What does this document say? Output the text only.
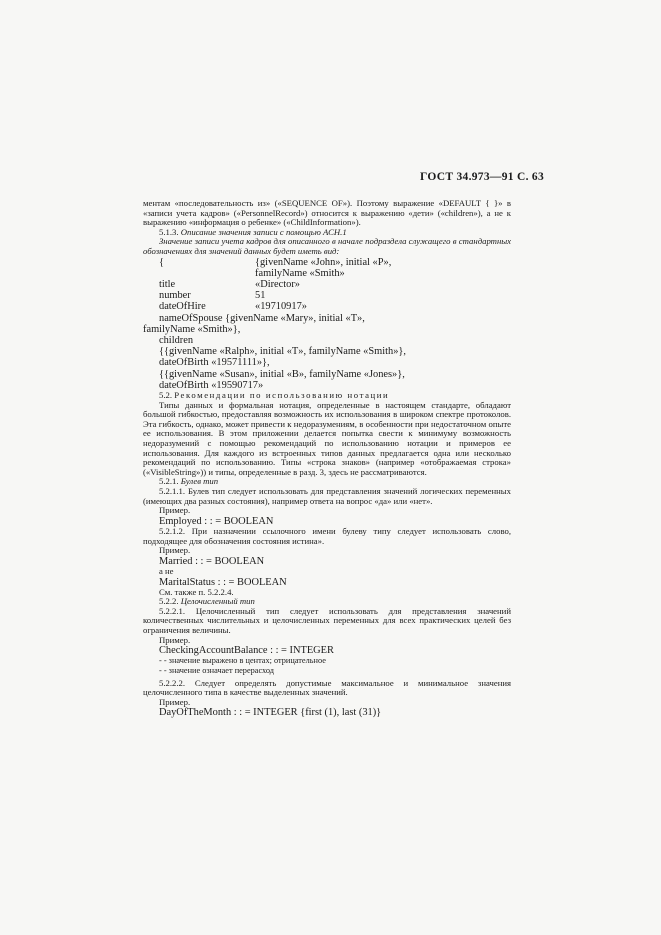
ГОСТ 34.973—91 С. 63
ментам «последовательность из» («SEQUENCE OF»). Поэтому выражение «DEFAULT { }» в «записи учета кадров» («PersonnelRecord») относится к выражению «дети» («children»), а не к выражению «информация о ребенке» («ChildInformation»).
5.1.3. Описание значения записи с помощью АСН.1
Значение записи учета кадров для описанного в начале подраздела служащего в стандартных обозначениях для значений данных будет иметь вид:
{	{givenName «John», initial «P»,
familyName «Smith»
title	«Director»
number	51
dateOfHire	«19710917»
nameOfSpouse {givenName «Mary», initial «T»,
familyName «Smith»},
children
{{givenName «Ralph», initial «T», familyName «Smith»},
dateOfBirth «19571111»},
{{givenName «Susan», initial «B», familyName «Jones»},
dateOfBirth «19590717»
5.2. Рекомендации по использованию нотации
Типы данных и формальная нотация, определенные в настоящем стандарте, обладают большой гибкостью, предоставляя возможность их использования в широком спектре протоколов. Эта гибкость, однако, может привести к недоразумениям, в особенности при недостаточном опыте ее использования. В этом приложении делается попытка свести к минимуму возможность недоразумений с помощью рекомендаций по использованию нотации и примеров ее использования. Для каждого из встроенных типов данных предлагается одна или несколько рекомендаций по использованию. Типы «строка знаков» (например «отображаемая строка» («VisibleString»)) и типы, определенные в разд. 3, здесь не рассматриваются.
5.2.1. Булев тип
5.2.1.1. Булев тип следует использовать для представления значений логических переменных (имеющих два разных состояния), например ответа на вопрос «да» или «нет».
Пример.
Employed : : = BOOLEAN
5.2.1.2. При назначении ссылочного имени булеву типу следует использовать слово, подходящее для обозначения состояния истина».
Пример.
Married : : = BOOLEAN
а не
MaritalStatus : : = BOOLEAN
См. также п. 5.2.2.4.
5.2.2. Целочисленный тип
5.2.2.1. Целочисленный тип следует использовать для представления значений количественных числительных и целочисленных переменных для всех практических целей без ограничения величины.
Пример.
CheckingAccountBalance : : = INTEGER
- - значение выражено в центах; отрицательное
- - значение означает перерасход
5.2.2.2. Следует определять допустимые максимальное и минимальное значения целочисленного типа в качестве выделенных значений.
Пример.
DayOfTheMonth : : = INTEGER {first (1), last (31)}
